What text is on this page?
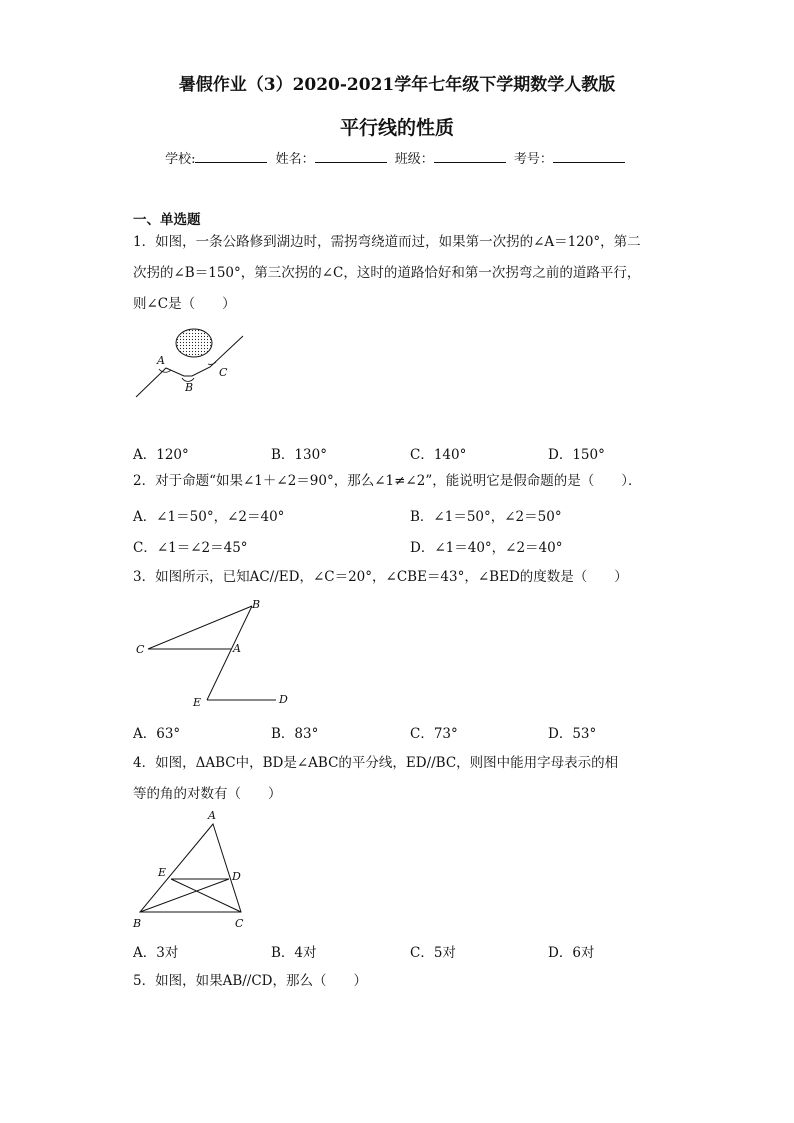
暑假作业（3）2020-2021学年七年级下学期数学人教版
平行线的性质
学校:	姓名：	班级：	考号：
一、单选题
1．如图，一条公路修到湖边时，需拐弯绕道而过，如果第一次拐的∠A＝120°，第二
次拐的∠B＝150°，第三次拐的∠C，这时的道路恰好和第一次拐弯之前的道路平行，
则∠C是（　　）
A
B
C
A．120°	B．130°	C．140°	D．150°
2．对于命题“如果∠1＋∠2＝90°，那么∠1≠∠2”，能说明它是假命题的是（　　）．
A．∠1＝50°，∠2＝40°	B．∠1＝50°，∠2＝50°
C．∠1＝∠2＝45°	D．∠1＝40°，∠2＝40°
3．如图所示，已知AC//ED，∠C＝20°，∠CBE＝43°，∠BED的度数是（　　）
B
C	A
E	D
A．63°	B．83°	C．73°	D．53°
4．如图，ΔABC中，BD是∠ABC的平分线，ED//BC，则图中能用字母表示的相
等的角的对数有（　　）
A
E	D
B	C
A．3对	B．4对	C．5对	D．6对
5．如图，如果AB//CD，那么（　　）
